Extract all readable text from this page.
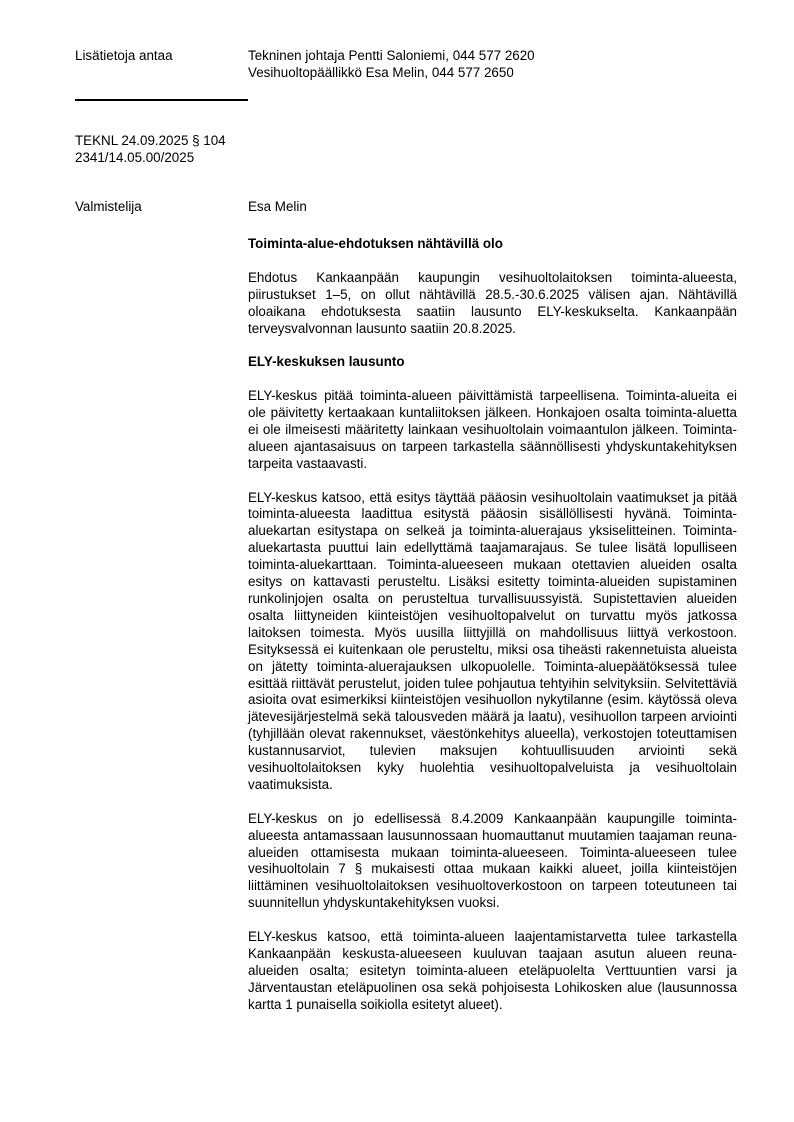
Lisätietoja antaa	Tekninen johtaja Pentti Saloniemi, 044 577 2620
Vesihuoltopäällikkö Esa Melin, 044 577 2650
TEKNL 24.09.2025 § 104
2341/14.05.00/2025
Valmistelija	Esa Melin
Toiminta-alue-ehdotuksen nähtävillä olo
Ehdotus Kankaanpään kaupungin vesihuoltolaitoksen toiminta-alueesta, piirustukset 1–5, on ollut nähtävillä 28.5.-30.6.2025 välisen ajan. Nähtävillä oloaikana ehdotuksesta saatiin lausunto ELY-keskukselta. Kankaanpään terveysvalvonnan lausunto saatiin 20.8.2025.
ELY-keskuksen lausunto
ELY-keskus pitää toiminta-alueen päivittämistä tarpeellisena. Toiminta-alueita ei ole päivitetty kertaakaan kuntaliitoksen jälkeen. Honkajoen osalta toiminta-aluetta ei ole ilmeisesti määritetty lainkaan vesihuoltolain voimaantulon jälkeen. Toiminta-alueen ajantasaisuus on tarpeen tarkastella säännöllisesti yhdyskuntakehityksen tarpeita vastaavasti.
ELY-keskus katsoo, että esitys täyttää pääosin vesihuoltolain vaatimukset ja pitää toiminta-alueesta laadittua esitystä pääosin sisällöllisesti hyvänä. Toiminta-aluekartan esitystapa on selkeä ja toiminta-aluerajaus yksiselitteinen. Toiminta-aluekartasta puuttui lain edellyttämä taajamarajaus. Se tulee lisätä lopulliseen toiminta-aluekarttaan. Toiminta-alueeseen mukaan otettavien alueiden osalta esitys on kattavasti perusteltu. Lisäksi esitetty toiminta-alueiden supistaminen runkolinjojen osalta on perusteltua turvallisuussyistä. Supistettavien alueiden osalta liittyneiden kiinteistöjen vesihuoltopalvelut on turvattu myös jatkossa laitoksen toimesta. Myös uusilla liittyjillä on mahdollisuus liittyä verkostoon. Esityksessä ei kuitenkaan ole perusteltu, miksi osa tiheästi rakennetuista alueista on jätetty toiminta-aluerajauksen ulkopuolelle. Toiminta-aluepäätöksessä tulee esittää riittävät perustelut, joiden tulee pohjautua tehtyihin selvityksiin. Selvitettäviä asioita ovat esimerkiksi kiinteistöjen vesihuollon nykytilanne (esim. käytössä oleva jätevesijärjestelmä sekä talousveden määrä ja laatu), vesihuollon tarpeen arviointi (tyhjillään olevat rakennukset, väestönkehitys alueella), verkostojen toteuttamisen kustannusarviot, tulevien maksujen kohtuullisuuden arviointi sekä vesihuoltolaitoksen kyky huolehtia vesihuoltopalveluista ja vesihuoltolain vaatimuksista.
ELY-keskus on jo edellisessä 8.4.2009 Kankaanpään kaupungille toiminta-alueesta antamassaan lausunnossaan huomauttanut muutamien taajaman reuna-alueiden ottamisesta mukaan toiminta-alueeseen. Toiminta-alueeseen tulee vesihuoltolain 7 § mukaisesti ottaa mukaan kaikki alueet, joilla kiinteistöjen liittäminen vesihuoltolaitoksen vesihuoltoverkostoon on tarpeen toteutuneen tai suunnitellun yhdyskuntakehityksen vuoksi.
ELY-keskus katsoo, että toiminta-alueen laajentamistarvetta tulee tarkastella Kankaanpään keskusta-alueeseen kuuluvan taajaan asutun alueen reuna-alueiden osalta; esitetyn toiminta-alueen eteläpuolelta Verttuuntien varsi ja Järventaustan eteläpuolinen osa sekä pohjoisesta Lohikosken alue (lausunnossa kartta 1 punaisella soikiolla esitetyt alueet).
